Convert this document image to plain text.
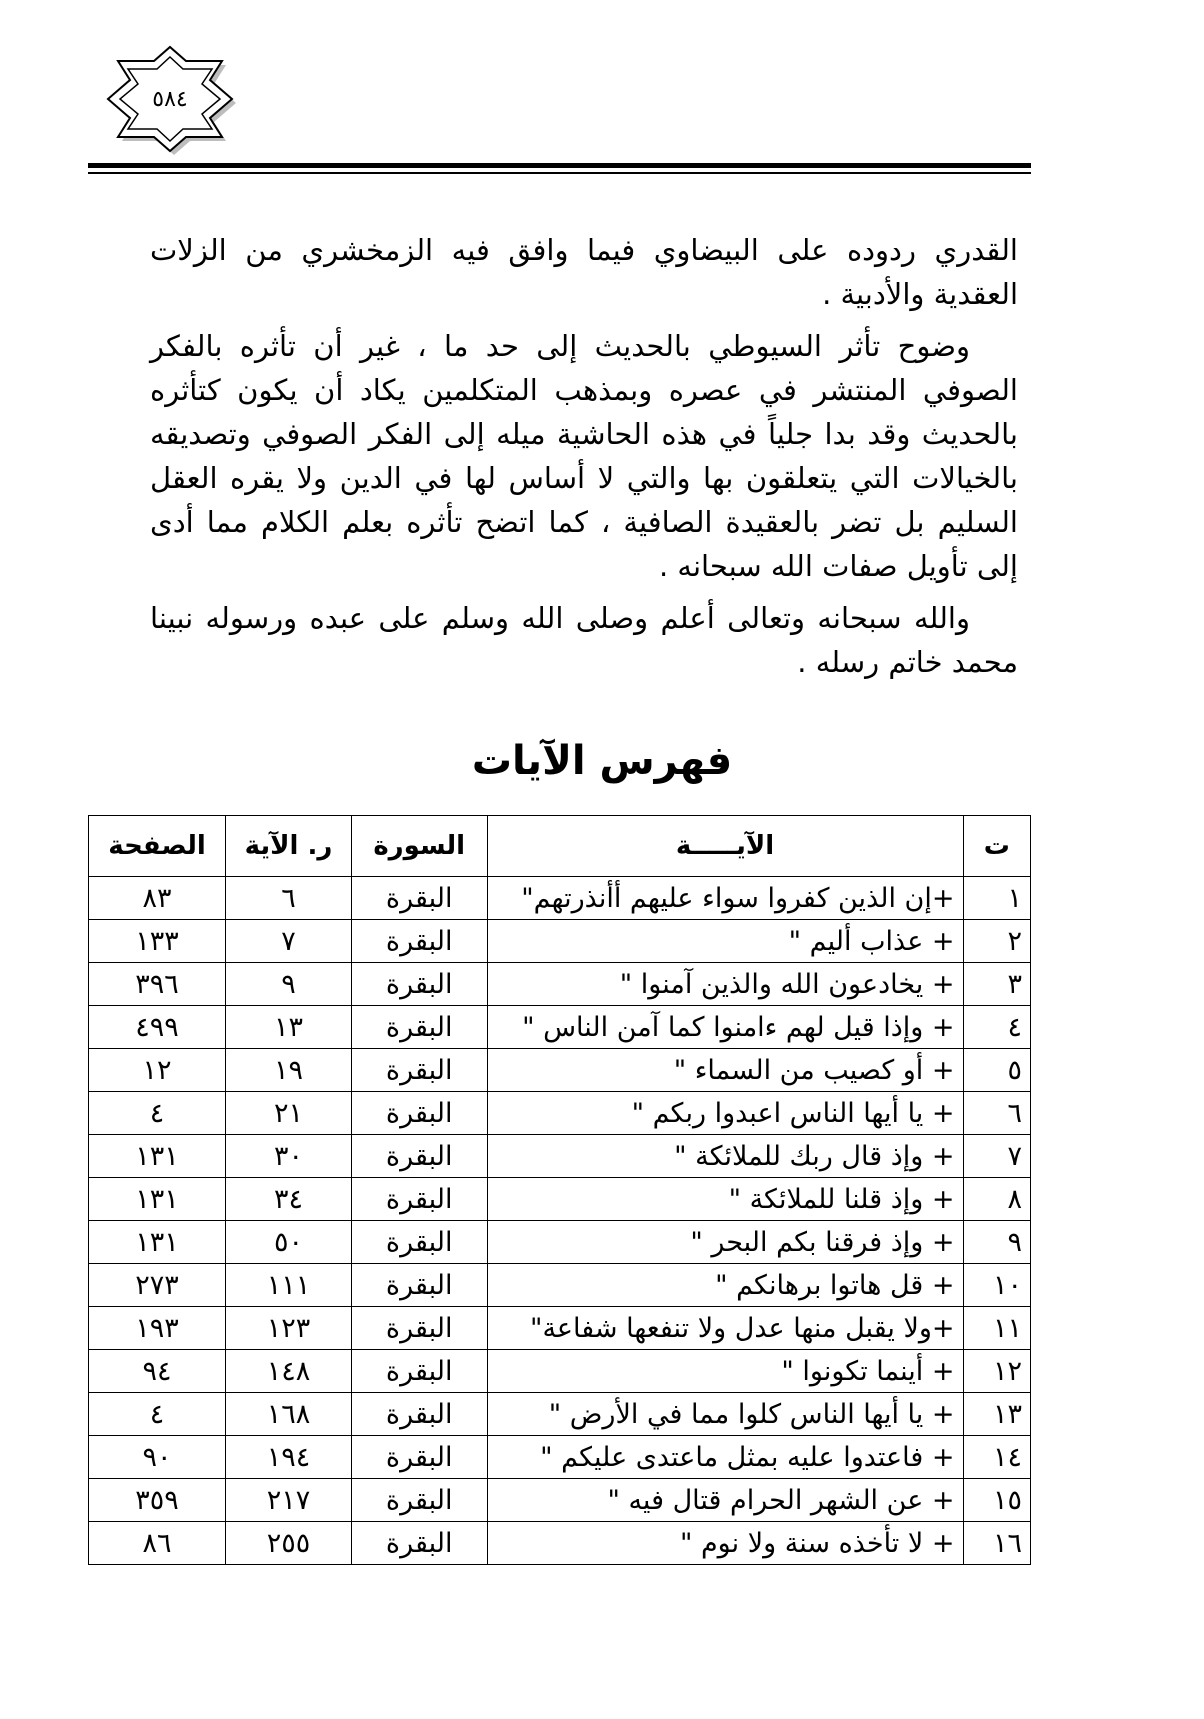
٥٨٤

القدري ردوده على البيضاوي فيما وافق فيه الزمخشري من الزلات العقدية والأدبية .

وضوح تأثر السيوطي بالحديث إلى حد ما ، غير أن تأثره بالفكر الصوفي المنتشر في عصره وبمذهب المتكلمين يكاد أن يكون كتأثره بالحديث وقد بدا جلياً في هذه الحاشية ميله إلى الفكر الصوفي وتصديقه بالخيالات التي يتعلقون بها والتي لا أساس لها في الدين ولا يقره العقل السليم بل تضر بالعقيدة الصافية ، كما اتضح تأثره بعلم الكلام مما أدى إلى تأويل صفات الله سبحانه .

والله سبحانه وتعالى أعلم وصلى الله وسلم على عبده ورسوله نبينا محمد خاتم رسله .

فهرس الآيات
ت	الآيـــــة	السورة	ر. الآية	الصفحة
١	+إن الذين كفروا سواء عليهم أأنذرتهم"	البقرة	٦	٨٣
٢	+ عذاب أليم "	البقرة	٧	١٣٣
٣	+ يخادعون الله والذين آمنوا "	البقرة	٩	٣٩٦
٤	+ وإذا قيل لهم ءامنوا كما آمن الناس "	البقرة	١٣	٤٩٩
٥	+ أو كصيب من السماء "	البقرة	١٩	١٢
٦	+ يا أيها الناس اعبدوا ربكم "	البقرة	٢١	٤
٧	+ وإذ قال ربك للملائكة "	البقرة	٣٠	١٣١
٨	+ وإذ قلنا للملائكة "	البقرة	٣٤	١٣١
٩	+ وإذ فرقنا بكم البحر "	البقرة	٥٠	١٣١
١٠	+ قل هاتوا برهانكم "	البقرة	١١١	٢٧٣
١١	+ولا يقبل منها عدل ولا تنفعها شفاعة"	البقرة	١٢٣	١٩٣
١٢	+ أينما تكونوا "	البقرة	١٤٨	٩٤
١٣	+ يا أيها الناس كلوا مما في الأرض "	البقرة	١٦٨	٤
١٤	+ فاعتدوا عليه بمثل ماعتدى عليكم "	البقرة	١٩٤	٩٠
١٥	+ عن الشهر الحرام قتال فيه "	البقرة	٢١٧	٣٥٩
١٦	+ لا تأخذه سنة ولا نوم "	البقرة	٢٥٥	٨٦
